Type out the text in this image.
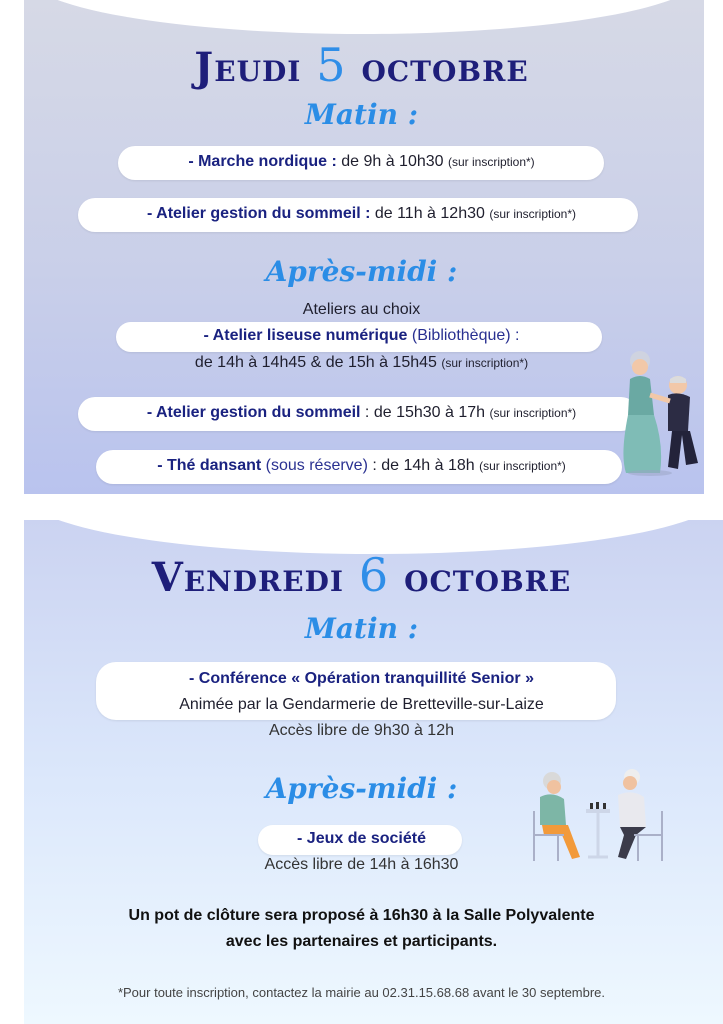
Jeudi 5 octobre
Matin :
- Marche nordique : de 9h à 10h30 (sur inscription*)
- Atelier gestion du sommeil : de 11h à 12h30 (sur inscription*)
Après-midi :
Ateliers au choix
- Atelier liseuse numérique (Bibliothèque) :
de 14h à 14h45 & de 15h à 15h45 (sur inscription*)
- Atelier gestion du sommeil : de 15h30 à 17h (sur inscription*)
- Thé dansant (sous réserve) : de 14h à 18h (sur inscription*)
Vendredi 6 octobre
Matin :
- Conférence « Opération tranquillité Senior »
Animée par la Gendarmerie de Bretteville-sur-Laize
Accès libre de 9h30 à 12h
Après-midi :
- Jeux de société
Accès libre de 14h à 16h30
Un pot de clôture sera proposé à 16h30 à la Salle Polyvalente
avec les partenaires et participants.
*Pour toute inscription, contactez la mairie au 02.31.15.68.68 avant le 30 septembre.
